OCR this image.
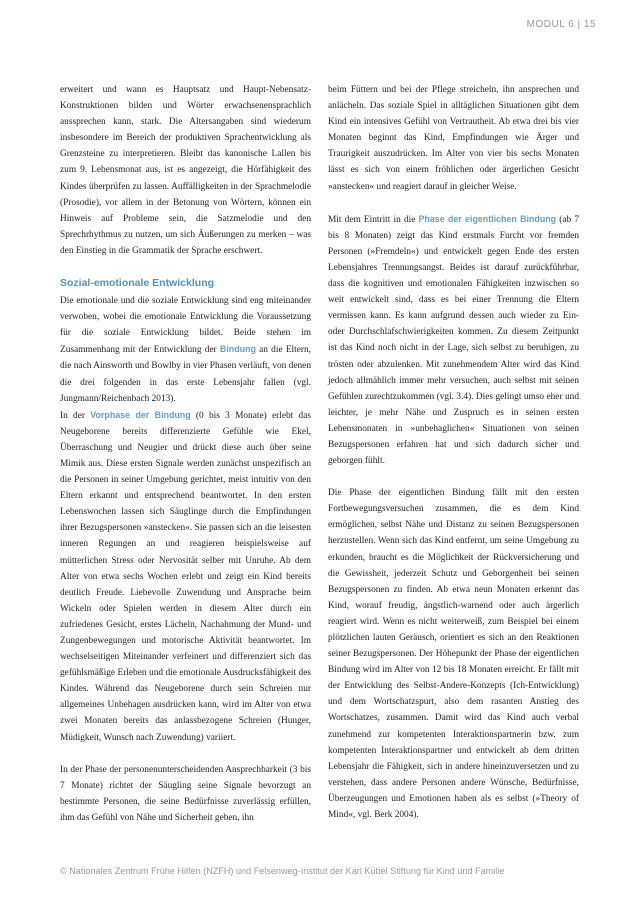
MODUL 6 | 15

erweitert und wann es Hauptsatz und Haupt-Nebensatz-Konstruktionen bilden und Wörter erwachsenensprachlich aussprechen kann, stark. Die Altersangaben sind wiederum insbesondere im Bereich der produktiven Sprachentwicklung als Grenzsteine zu interpretieren. Bleibt das kanonische Lallen bis zum 9. Lebensmonat aus, ist es angezeigt, die Hörfähigkeit des Kindes überprüfen zu lassen. Auffälligkeiten in der Sprachmelodie (Prosodie), vor allem in der Betonung von Wörtern, können ein Hinweis auf Probleme sein, die Satzmelodie und den Sprechrhythmus zu nutzen, um sich Äußerungen zu merken – was den Einstieg in die Grammatik der Sprache erschwert.

Sozial-emotionale Entwicklung

Die emotionale und die soziale Entwicklung sind eng miteinander verwoben, wobei die emotionale Entwicklung die Voraussetzung für die soziale Entwicklung bildet. Beide stehen im Zusammenhang mit der Entwicklung der Bindung an die Eltern, die nach Ainsworth und Bowlby in vier Phasen verläuft, von denen die drei folgenden in das erste Lebensjahr fallen (vgl. Jungmann/Reichenbach 2013).

In der Vorphase der Bindung (0 bis 3 Monate) erlebt das Neugeborene bereits differenzierte Gefühle wie Ekel, Überraschung und Neugier und drückt diese auch über seine Mimik aus. Diese ersten Signale werden zunächst unspezifisch an die Personen in seiner Umgebung gerichtet, meist intuitiv von den Eltern erkannt und entsprechend beantwortet. In den ersten Lebenswochen lassen sich Säuglinge durch die Empfindungen ihrer Bezugspersonen »anstecken«. Sie passen sich an die leisesten inneren Regungen an und reagieren beispielsweise auf mütterlichen Stress oder Nervosität selber mit Unruhe. Ab dem Alter von etwa sechs Wochen erlebt und zeigt ein Kind bereits deutlich Freude. Liebevolle Zuwendung und Ansprache beim Wickeln oder Spielen werden in diesem Alter durch ein zufriedenes Gesicht, erstes Lächeln, Nachahmung der Mund- und Zungenbewegungen und motorische Aktivität beantwortet. Im wechselseitigen Miteinander verfeinert und differenziert sich das gefühlsmäßige Erleben und die emotionale Ausdrucksfähigkeit des Kindes. Während das Neugeborene durch sein Schreien nur allgemeines Unbehagen ausdrücken kann, wird im Alter von etwa zwei Monaten bereits das anlassbezogene Schreien (Hunger, Müdigkeit, Wunsch nach Zuwendung) variiert.

In der Phase der personenunterscheidenden Ansprechbarkeit (3 bis 7 Monate) richtet der Säugling seine Signale bevorzugt an bestimmte Personen, die seine Bedürfnisse zuverlässig erfüllen, ihm das Gefühl von Nähe und Sicherheit geben, ihn

beim Füttern und bei der Pflege streicheln, ihn ansprechen und anlächeln. Das soziale Spiel in alltäglichen Situationen gibt dem Kind ein intensives Gefühl von Vertrautheit. Ab etwa drei bis vier Monaten beginnt das Kind, Empfindungen wie Ärger und Traurigkeit auszudrücken. Im Alter von vier bis sechs Monaten lässt es sich von einem fröhlichen oder ärgerlichen Gesicht »anstecken« und reagiert darauf in gleicher Weise.

Mit dem Eintritt in die Phase der eigentlichen Bindung (ab 7 bis 8 Monaten) zeigt das Kind erstmals Furcht vor fremden Personen (»Fremdeln«) und entwickelt gegen Ende des ersten Lebensjahres Trennungsangst. Beides ist darauf zurückführbar, dass die kognitiven und emotionalen Fähigkeiten inzwischen so weit entwickelt sind, dass es bei einer Trennung die Eltern vermissen kann. Es kann aufgrund dessen auch wieder zu Ein- oder Durchschlafschwierigkeiten kommen. Zu diesem Zeitpunkt ist das Kind noch nicht in der Lage, sich selbst zu beruhigen, zu trösten oder abzulenken. Mit zunehmendem Alter wird das Kind jedoch allmählich immer mehr versuchen, auch selbst mit seinen Gefühlen zurechtzukommen (vgl. 3.4). Dies gelingt umso eher und leichter, je mehr Nähe und Zuspruch es in seinen ersten Lebensmonaten in »unbehaglichen« Situationen von seinen Bezugspersonen erfahren hat und sich dadurch sicher und geborgen fühlt.

Die Phase der eigentlichen Bindung fällt mit den ersten Fortbewegungsversuchen zusammen, die es dem Kind ermöglichen, selbst Nähe und Distanz zu seinen Bezugspersonen herzustellen. Wenn sich das Kind entfernt, um seine Umgebung zu erkunden, braucht es die Möglichkeit der Rückversicherung und die Gewissheit, jederzeit Schutz und Geborgenheit bei seinen Bezugspersonen zu finden. Ab etwa neun Monaten erkennt das Kind, worauf freudig, ängstlich-warnend oder auch ärgerlich reagiert wird. Wenn es nicht weiterweiß, zum Beispiel bei einem plötzlichen lauten Geräusch, orientiert es sich an den Reaktionen seiner Bezugspersonen. Der Höhepunkt der Phase der eigentlichen Bindung wird im Alter von 12 bis 18 Monaten erreicht. Er fällt mit der Entwicklung des Selbst-Andere-Konzepts (Ich-Entwicklung) und dem Wortschatzspurt, also dem rasanten Anstieg des Wortschatzes, zusammen. Damit wird das Kind auch verbal zunehmend zur kompetenten Interaktionspartnerin bzw. zum kompetenten Interaktionspartner und entwickelt ab dem dritten Lebensjahr die Fähigkeit, sich in andere hineinzuversetzen und zu verstehen, dass andere Personen andere Wünsche, Bedürfnisse, Überzeugungen und Emotionen haben als es selbst (»Theory of Mind«, vgl. Berk 2004).

© Nationales Zentrum Frühe Hilfen (NZFH) und Felsenweg-Institut der Karl Kübel Stiftung für Kind und Familie
